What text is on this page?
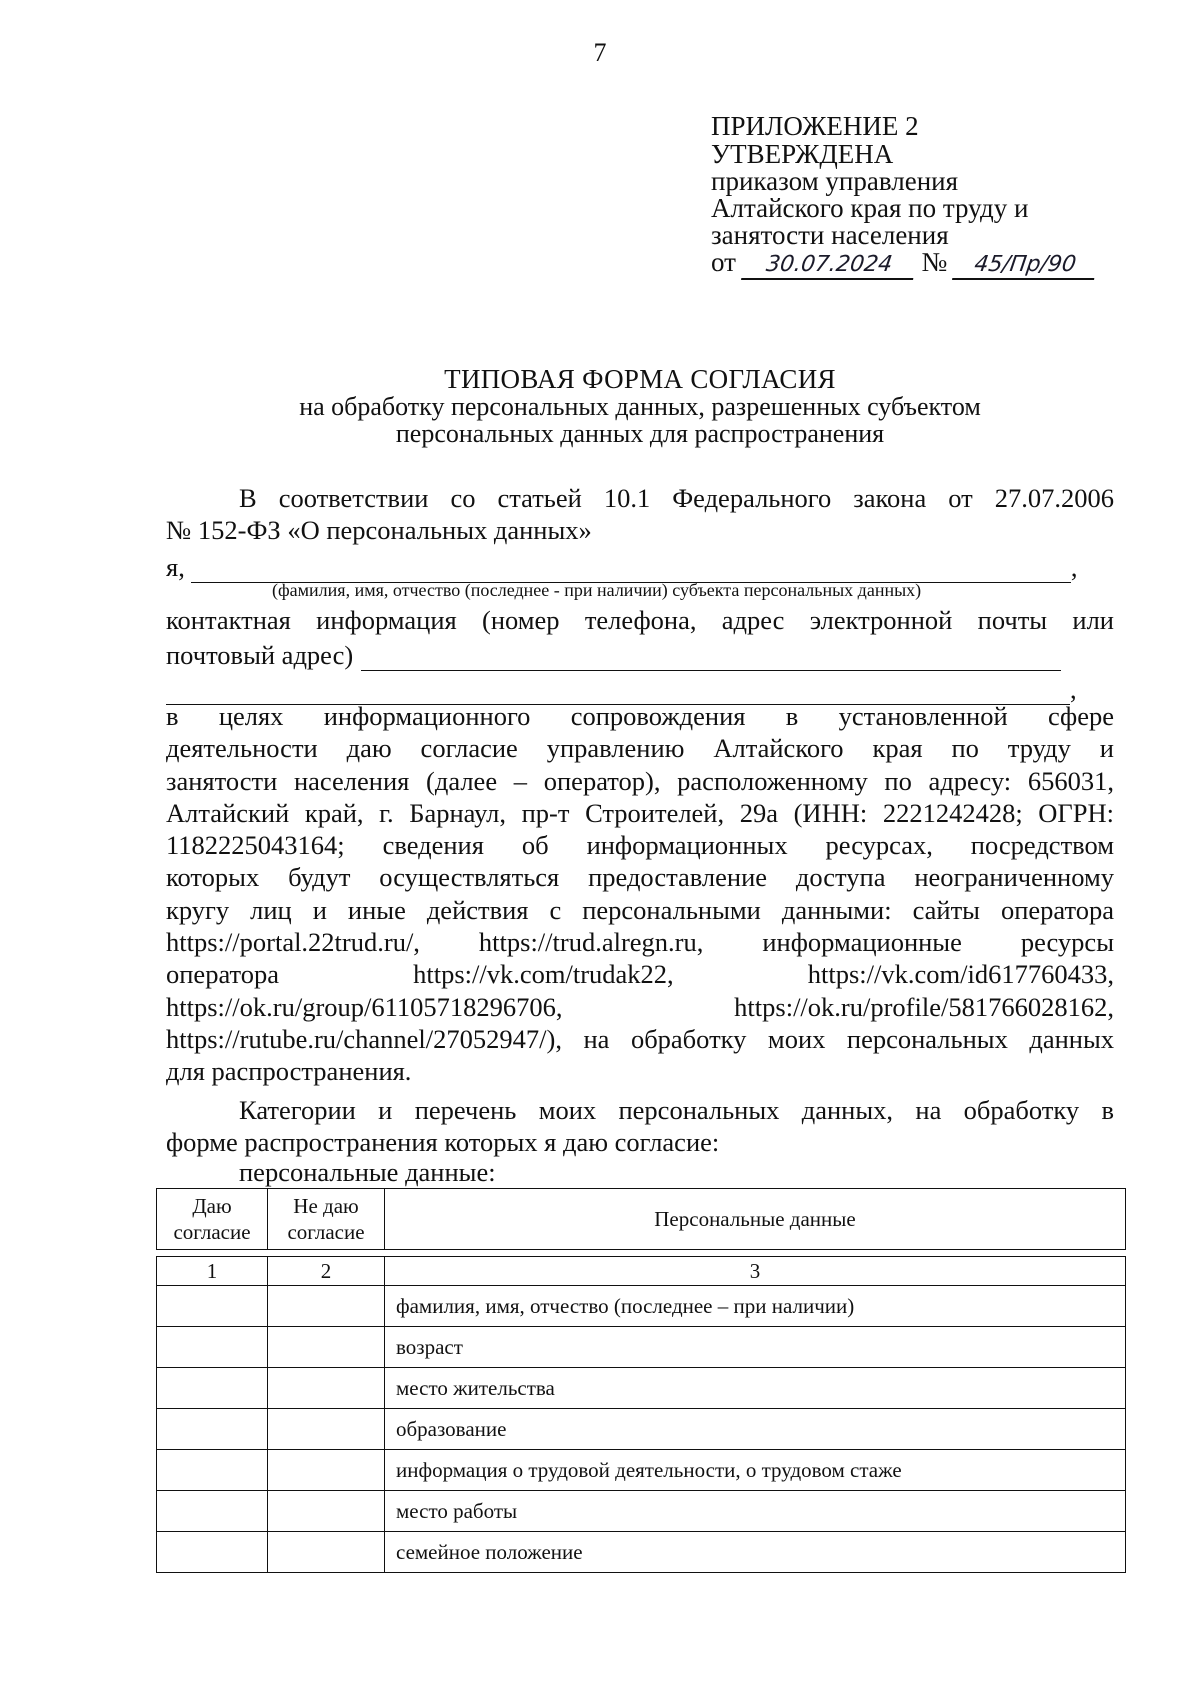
7
ПРИЛОЖЕНИЕ 2
УТВЕРЖДЕНА
приказом управления
Алтайского края по труду и
занятости населения
от 30.07.2024 № 45/Пр/90
ТИПОВАЯ ФОРМА СОГЛАСИЯ
на обработку персональных данных, разрешенных субъектом
персональных данных для распространения
В соответствии со статьей 10.1 Федерального закона от 27.07.2006
№ 152-ФЗ «О персональных данных»
я,	,
(фамилия, имя, отчество (последнее - при наличии) субъекта персональных данных)
контактная информация (номер телефона, адрес электронной почты или
почтовый адрес)
,
в целях информационного сопровождения в установленной сфере
деятельности даю согласие управлению Алтайского края по труду и
занятости населения (далее – оператор), расположенному по адресу: 656031,
Алтайский край, г. Барнаул, пр-т Строителей, 29а (ИНН: 2221242428; ОГРН:
1182225043164; сведения об информационных ресурсах, посредством
которых будут осуществляться предоставление доступа неограниченному
кругу лиц и иные действия с персональными данными: сайты оператора
https://portal.22trud.ru/, https://trud.alregn.ru, информационные ресурсы
оператора https://vk.com/trudak22, https://vk.com/id617760433,
https://ok.ru/group/61105718296706, https://ok.ru/profile/581766028162,
https://rutube.ru/channel/27052947/), на обработку моих персональных данных
для распространения.
Категории и перечень моих персональных данных, на обработку в
форме распространения которых я даю согласие:
персональные данные:
Даю согласие	Не даю согласие	Персональные данные

1	2	3
		фамилия, имя, отчество (последнее – при наличии)
		возраст
		место жительства
		образование
		информация о трудовой деятельности, о трудовом стаже
		место работы
		семейное положение
